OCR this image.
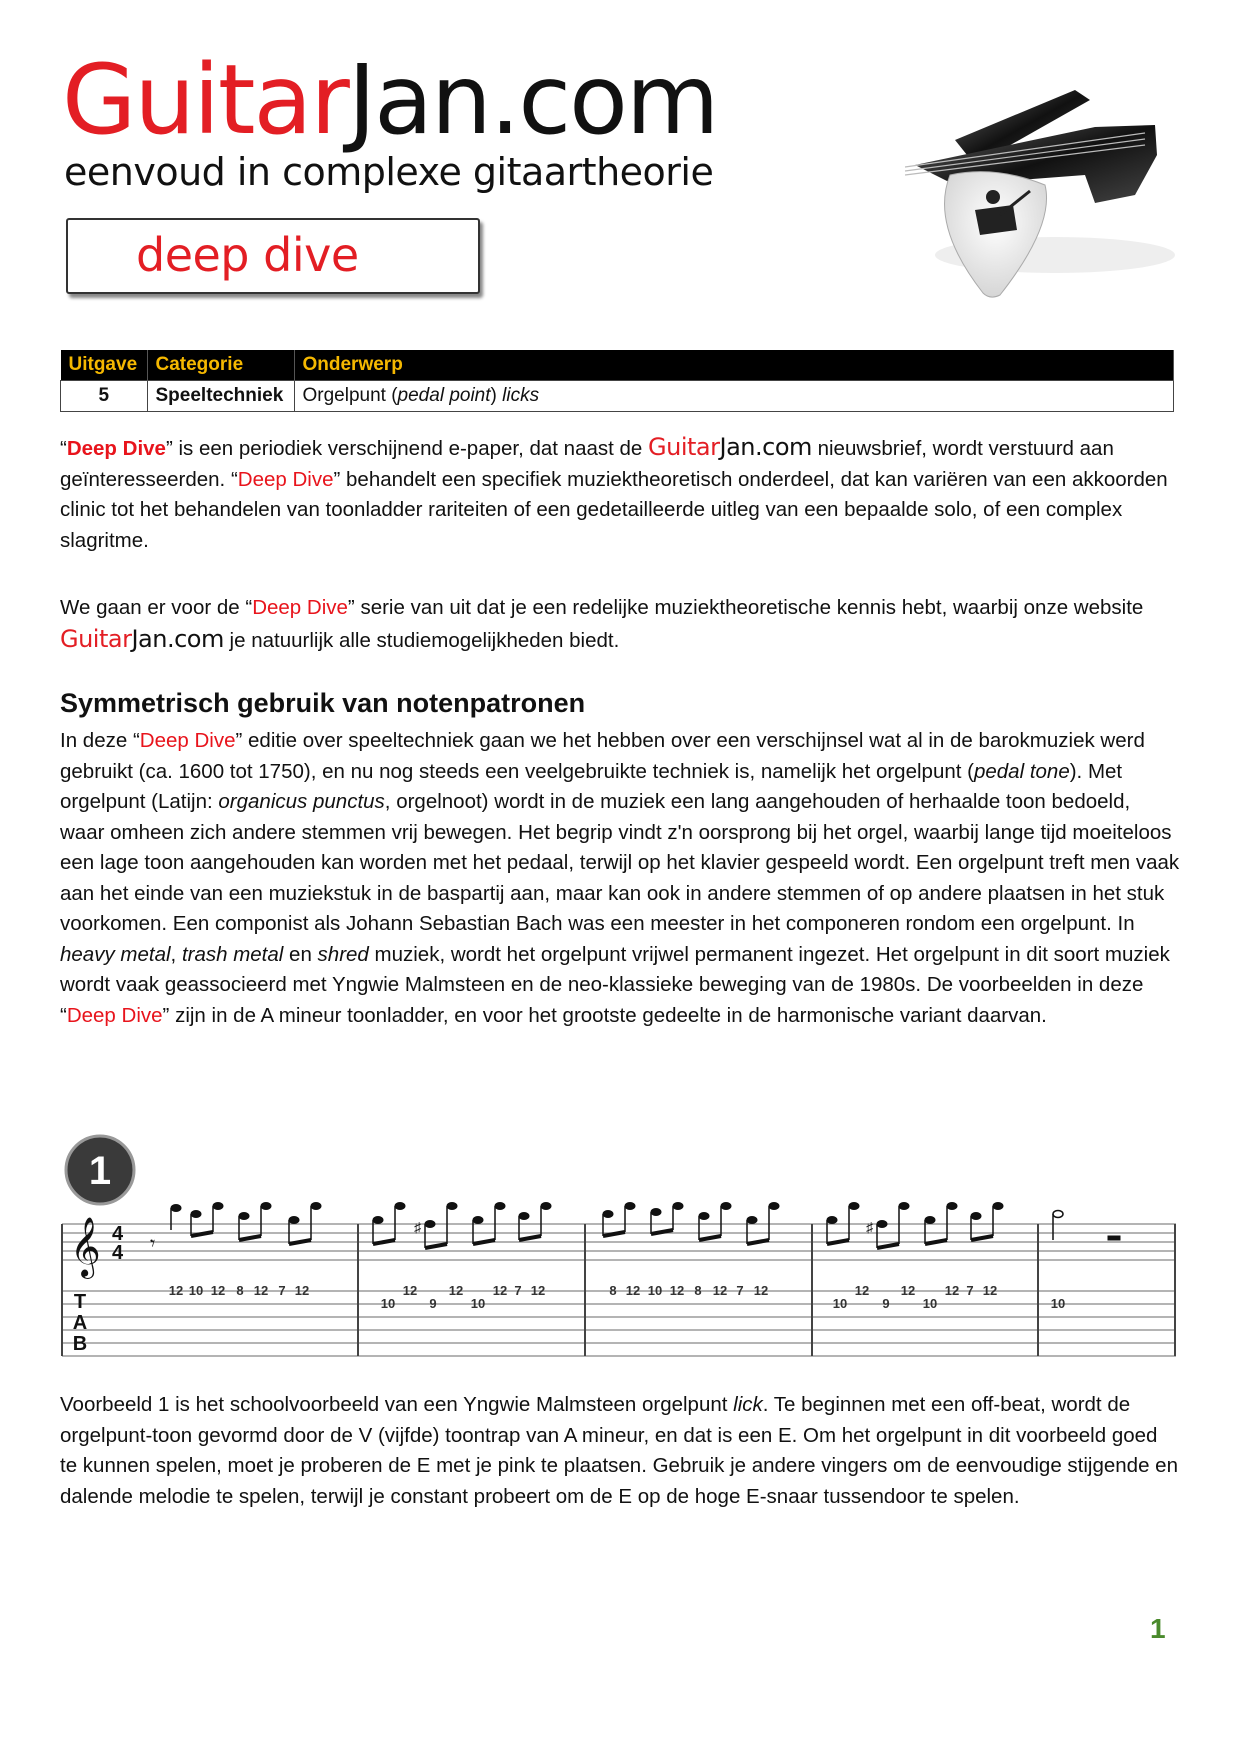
GuitarJan.com
eenvoud in complexe gitaartheorie
deep dive
Uitgave	Categorie	Onderwerp
5	Speeltechniek	Orgelpunt (pedal point) licks

“Deep Dive” is een periodiek verschijnend e-paper, dat naast de GuitarJan.com nieuwsbrief, wordt verstuurd aan geïnteresseerden. “Deep Dive” behandelt een specifiek muziektheoretisch onderdeel, dat kan variëren van een akkoorden clinic tot het behandelen van toonladder rariteiten of een gedetailleerde uitleg van een bepaalde solo, of een complex slagritme.

We gaan er voor de “Deep Dive” serie van uit dat je een redelijke muziektheoretische kennis hebt, waarbij onze website GuitarJan.com je natuurlijk alle studiemogelijkheden biedt.

Symmetrisch gebruik van notenpatronen

In deze “Deep Dive” editie over speeltechniek gaan we het hebben over een verschijnsel wat al in de barokmuziek werd gebruikt (ca. 1600 tot 1750), en nu nog steeds een veelgebruikte techniek is, namelijk het orgelpunt (pedal tone). Met orgelpunt (Latijn: organicus punctus, orgelnoot) wordt in de muziek een lang aangehouden of herhaalde toon bedoeld, waar omheen zich andere stemmen vrij bewegen. Het begrip vindt z'n oorsprong bij het orgel, waarbij lange tijd moeiteloos een lage toon aangehouden kan worden met het pedaal, terwijl op het klavier gespeeld wordt. Een orgelpunt treft men vaak aan het einde van een muziekstuk in de baspartij aan, maar kan ook in andere stemmen of op andere plaatsen in het stuk voorkomen. Een componist als Johann Sebastian Bach was een meester in het componeren rondom een orgelpunt. In heavy metal, trash metal en shred muziek, wordt het orgelpunt vrijwel permanent ingezet. Het orgelpunt in dit soort muziek wordt vaak geassocieerd met Yngwie Malmsteen en de neo-klassieke beweging van de 1980s. De voorbeelden in deze “Deep Dive” zijn in de A mineur toonladder, en voor het grootste gedeelte in de harmonische variant daarvan.

1
𝄞 4
4 𝄾
T
A
B
♯	♯
12 10 12 8 12 7 12
10
12
9
12
10
12 7 12	8 12 10 12 8 12 7 12
10
12
9
12
10
12 7 12
10

Voorbeeld 1 is het schoolvoorbeeld van een Yngwie Malmsteen orgelpunt lick. Te beginnen met een off-beat, wordt de orgelpunt-toon gevormd door de V (vijfde) toontrap van A mineur, en dat is een E. Om het orgelpunt in dit voorbeeld goed te kunnen spelen, moet je proberen de E met je pink te plaatsen. Gebruik je andere vingers om de eenvoudige stijgende en dalende melodie te spelen, terwijl je constant probeert om de E op de hoge E-snaar tussendoor te spelen.

1
